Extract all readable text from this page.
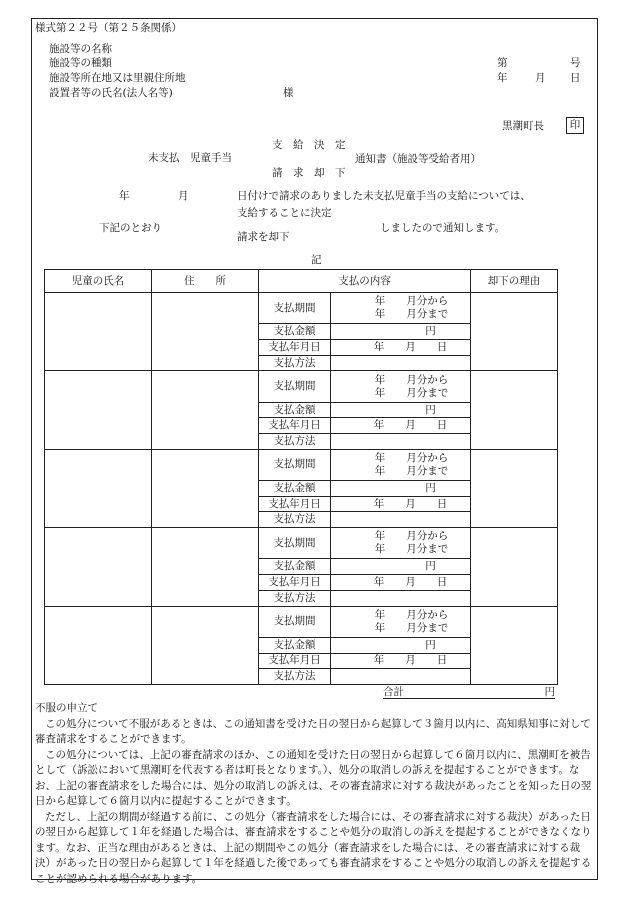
様式第２２号（第２５条関係）
施設等の名称
施設等の種類
施設等所在地又は里親住所地
設置者等の氏名(法人名等)	様
第	号
年	月 日
黒潮町長	印
支　給　決　定
未支払　児童手当	通知書（施設等受給者用）
請　求　却　下
年	月	日付けで請求のありました未支払児童手当の支給については、
支給することに決定
下記のとおり	しましたので通知します。
請求を却下
記
児童の氏名	住　　所	支払の内容		却下の理由
		支払期間	年　　月分から
年　　月分まで	

		支払金額	円	
		支払年月日	年　　月　　日	
		支払方法		
		支払期間	年　　月分から
年　　月分まで	

		支払金額	円	
		支払年月日	年　　月　　日	
		支払方法		
		支払期間	年　　月分から
年　　月分まで	

		支払金額	円	
		支払年月日	年　　月　　日	
		支払方法		
		支払期間	年　　月分から
年　　月分まで	

		支払金額	円	
		支払年月日	年　　月　　日	
		支払方法		
		支払期間	年　　月分から
年　　月分まで	

		支払金額	円	
		支払年月日	年　　月　　日	
		支払方法		
合計	円

不服の申立て

この処分について不服があるときは、この通知書を受けた日の翌日から起算して３箇月以内に、高知県知事に対して審査請求をすることができます。

この処分については、上記の審査請求のほか、この通知を受けた日の翌日から起算して６箇月以内に、黒潮町を被告として（訴訟において黒潮町を代表する者は町長となります。）、処分の取消しの訴えを提起することができます。なお、上記の審査請求をした場合には、処分の取消しの訴えは、その審査請求に対する裁決があったことを知った日の翌日から起算して６箇月以内に提起することができます。

ただし、上記の期間が経過する前に、この処分（審査請求をした場合には、その審査請求に対する裁決）があった日の翌日から起算して１年を経過した場合は、審査請求をすることや処分の取消しの訴えを提起することができなくなります。なお、正当な理由があるときは、上記の期間やこの処分（審査請求をした場合には、その審査請求に対する裁決）があった日の翌日から起算して１年を経過した後であっても審査請求をすることや処分の取消しの訴えを提起することが認められる場合があります。
